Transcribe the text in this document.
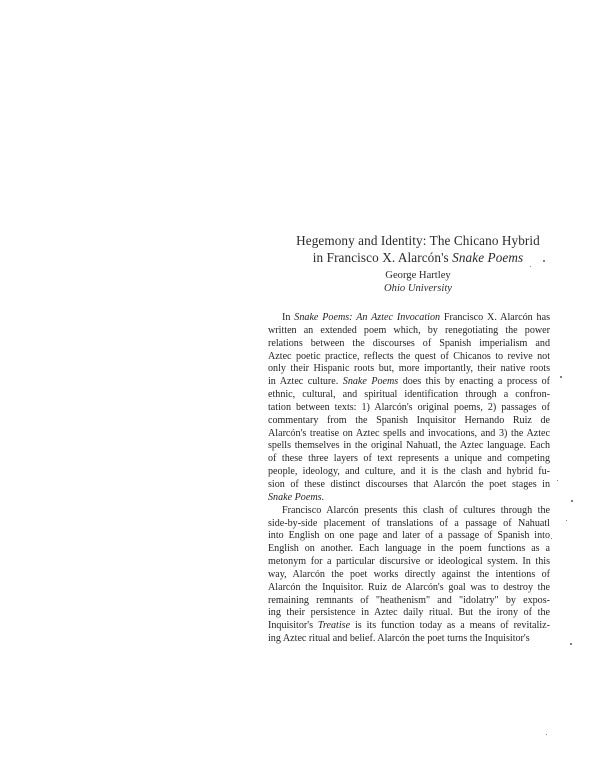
Hegemony and Identity: The Chicano Hybrid
in Francisco X. Alarcón's Snake Poems
George Hartley
Ohio University
In Snake Poems: An Aztec Invocation Francisco X. Alarcón has
written an extended poem which, by renegotiating the power
relations between the discourses of Spanish imperialism and
Aztec poetic practice, reflects the quest of Chicanos to revive not
only their Hispanic roots but, more importantly, their native roots
in Aztec culture. Snake Poems does this by enacting a process of
ethnic, cultural, and spiritual identification through a confron-
tation between texts: 1) Alarcón's original poems, 2) passages of
commentary from the Spanish Inquisitor Hernando Ruiz de
Alarcón's treatise on Aztec spells and invocations, and 3) the Aztec
spells themselves in the original Nahuatl, the Aztec language. Each
of these three layers of text represents a unique and competing
people, ideology, and culture, and it is the clash and hybrid fu-
sion of these distinct discourses that Alarcón the poet stages in
Snake Poems.
Francisco Alarcón presents this clash of cultures through the
side-by-side placement of translations of a passage of Nahuatl
into English on one page and later of a passage of Spanish into
English on another. Each language in the poem functions as a
metonym for a particular discursive or ideological system. In this
way, Alarcón the poet works directly against the intentions of
Alarcón the Inquisitor. Ruiz de Alarcón's goal was to destroy the
remaining remnants of "heathenism" and "idolatry" by expos-
ing their persistence in Aztec daily ritual. But the irony of the
Inquisitor's Treatise is its function today as a means of revitaliz-
ing Aztec ritual and belief. Alarcón the poet turns the Inquisitor's
